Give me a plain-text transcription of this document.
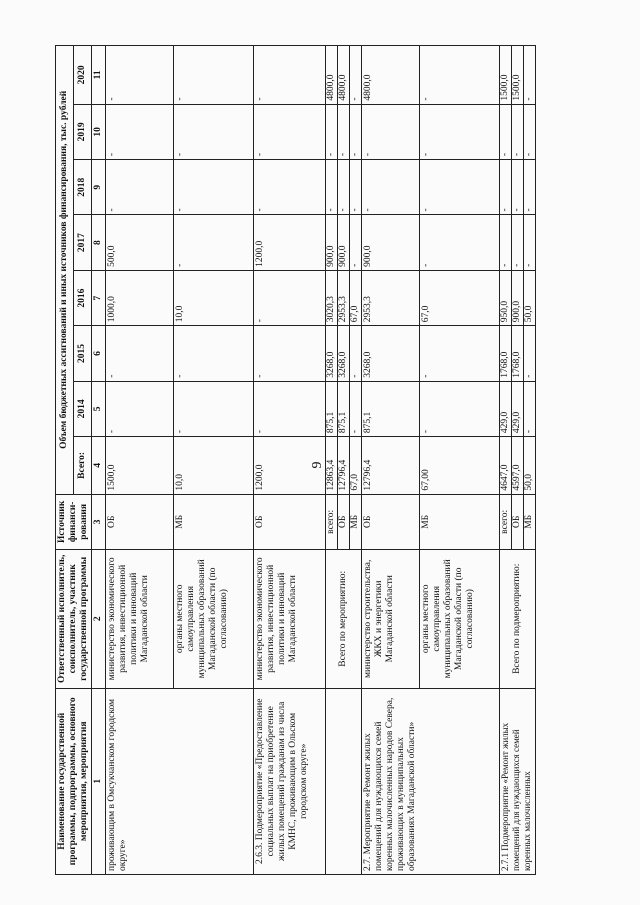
9
Наименование государственной программы, подпрограммы, основного мероприятия, мероприятия	Ответственный исполнитель, соисполнитель, участник государственной программы	Источник финанси-рования	Объем бюджетных ассигнований и иных источников финансирования, тыс. рублей							
			Всего:	2014	2015	2016	2017	2018	2019	2020
1	2	3	4	5	6	7	8	9	10	11
проживающим в Омсукчанском городском округе»	министерство экономического развития, инвестиционной политики и инноваций Магаданской области	ОБ	1500,0	-	-	1000,0	500,0	-	-	-
	органы местного самоуправления муниципальных образований Магаданской области (по согласованию)	МБ	10,0	-	-	10,0	-	-	-	-
2.6.3. Подмероприятие «Предоставление социальных выплат на приобретение жилых помещений гражданам из числа КМНС, проживающим в Ольском городском округе»	министерство экономического развития, инвестиционной политики и инноваций Магаданской области	ОБ	1200,0	-	-	-	1200,0	-	-	-
	Всего по мероприятию:	всего:	12863,4	875,1	3268,0	3020,3	900,0	-	-	4800,0
		ОБ	12796,4	875,1	3268,0	2953,3	900,0	-	-	4800,0
		МБ	67,0	-	-	67,0	-	-	-	-
2.7. Мероприятие «Ремонт жилых помещений для нуждающихся семей коренных малочисленных народов Севера, проживающих в муниципальных образованиях Магаданской области»	министерство строительства, ЖКХ и энергетики Магаданской области	ОБ	12796,4	875,1	3268,0	2953,3	900,0	-	-	4800,0
	органы местного самоуправления муниципальных образований Магаданской области (по согласованию)	МБ	67,00	-	-	67,0	-	-	-	-
2.7.1 Подмероприятие «Ремонт жилых помещений для нуждающихся семей коренных малочисленных	Всего по подмероприятию:	всего:	4647,0	429,0	1768,0	950,0	-	-	-	1500,0
		ОБ	4597,0	429,0	1768,0	900,0	-	-	-	1500,0
		МБ	50,0	-	-	50,0	-	-	-	-
